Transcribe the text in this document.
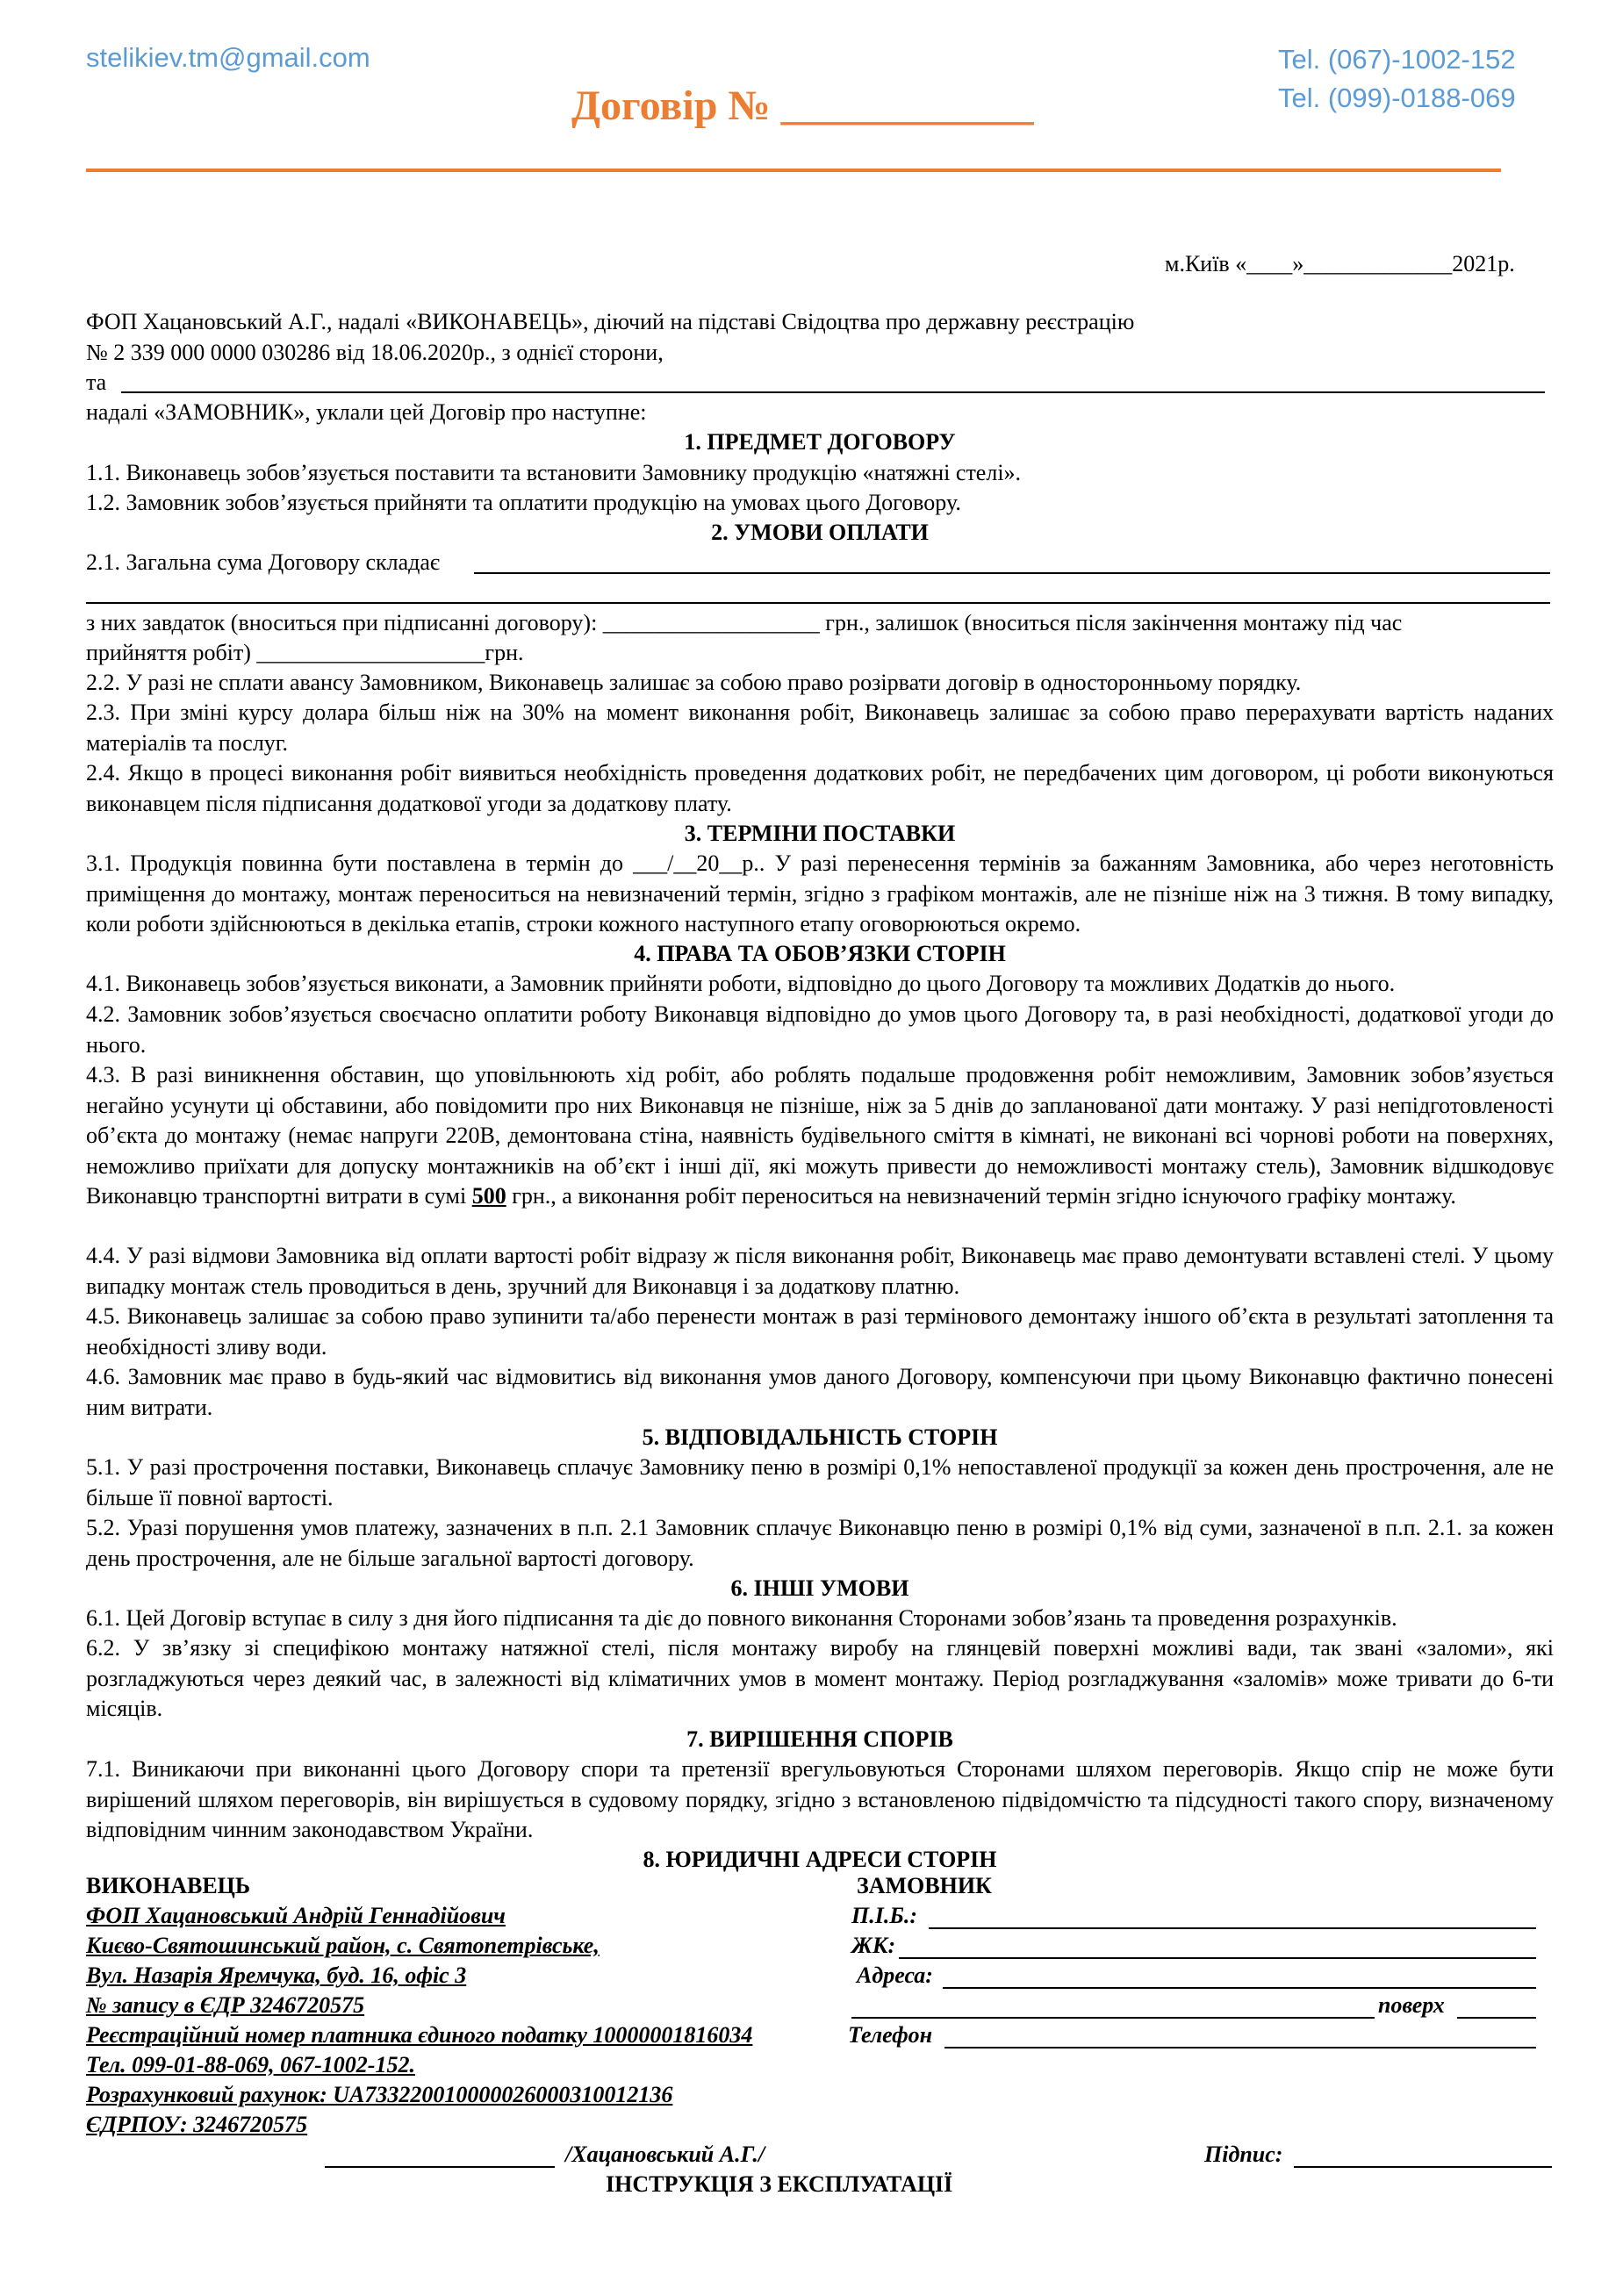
stelikiev.tm@gmail.com
Договір № ____________
Tel. (067)-1002-152
Tel. (099)-0188-069
м.Київ «____»_____________2021р.
ФОП Хацановський А.Г., надалі «ВИКОНАВЕЦЬ», діючий на підставі Свідоцтва про державну реєстрацію
№ 2 339 000 0000 030286 від 18.06.2020р., з однієї сторони,
та
надалі «ЗАМОВНИК», уклали цей Договір про наступне:
1. ПРЕДМЕТ ДОГОВОРУ
1.1. Виконавець зобов’язується поставити та встановити Замовнику продукцію «натяжні стелі».
1.2. Замовник зобов’язується прийняти та оплатити продукцію на умовах цього Договору.
2. УМОВИ ОПЛАТИ
2.1. Загальна сума Договору складає
з них завдаток (вноситься при підписанні договору): ___________________ грн., залишок (вноситься після закінчення монтажу під час
прийняття робіт) ____________________грн.

2.2. У разі не сплати авансу Замовником, Виконавець залишає за собою право розірвати договір в односторонньому порядку.

2.3. При зміні курсу долара більш ніж на 30% на момент виконання робіт, Виконавець залишає за собою право перерахувати вартість наданих матеріалів та послуг.

2.4. Якщо в процесі виконання робіт виявиться необхідність проведення додаткових робіт, не передбачених цим договором, ці роботи виконуються виконавцем після підписання додаткової угоди за додаткову плату.

3. ТЕРМІНИ ПОСТАВКИ

3.1. Продукція повинна бути поставлена в термін до ___/__20__р.. У разі перенесення термінів за бажанням Замовника, або через неготовність приміщення до монтажу, монтаж переноситься на невизначений термін, згідно з графіком монтажів, але не пізніше ніж на 3 тижня. В тому випадку, коли роботи здійснюються в декілька етапів, строки кожного наступного етапу оговорюються окремо.

4. ПРАВА ТА ОБОВ’ЯЗКИ СТОРІН

4.1. Виконавець зобов’язується виконати, а Замовник прийняти роботи, відповідно до цього Договору та можливих Додатків до нього.

4.2. Замовник зобов’язується своєчасно оплатити роботу Виконавця відповідно до умов цього Договору та, в разі необхідності, додаткової угоди до нього.

4.3. В разі виникнення обставин, що уповільнюють хід робіт, або роблять подальше продовження робіт неможливим, Замовник зобов’язується негайно усунути ці обставини, або повідомити про них Виконавця не пізніше, ніж за 5 днів до запланованої дати монтажу. У разі непідготовленості об’єкта до монтажу (немає напруги 220В, демонтована стіна, наявність будівельного сміття в кімнаті, не виконані всі чорнові роботи на поверхнях, неможливо приїхати для допуску монтажників на об’єкт і інші дії, які можуть привести до неможливості монтажу стель), Замовник відшкодовує Виконавцю транспортні витрати в сумі 500 грн., а виконання робіт переноситься на невизначений термін згідно існуючого графіку монтажу.

4.4. У разі відмови Замовника від оплати вартості робіт відразу ж після виконання робіт, Виконавець має право демонтувати вставлені стелі. У цьому випадку монтаж стель проводиться в день, зручний для Виконавця і за додаткову платню.

4.5. Виконавець залишає за собою право зупинити та/або перенести монтаж в разі термінового демонтажу іншого об’єкта в результаті затоплення та необхідності зливу води.

4.6. Замовник має право в будь-який час відмовитись від виконання умов даного Договору, компенсуючи при цьому Виконавцю фактично понесені ним витрати.

5. ВІДПОВІДАЛЬНІСТЬ СТОРІН

5.1. У разі прострочення поставки, Виконавець сплачує Замовнику пеню в розмірі 0,1% непоставленої продукції за кожен день прострочення, але не більше її повної вартості.

5.2. Уразі порушення умов платежу, зазначених в п.п. 2.1 Замовник сплачує Виконавцю пеню в розмірі 0,1% від суми, зазначеної в п.п. 2.1. за кожен день прострочення, але не більше загальної вартості договору.

6. ІНШІ УМОВИ

6.1. Цей Договір вступає в силу з дня його підписання та діє до повного виконання Сторонами зобов’язань та проведення розрахунків.

6.2. У зв’язку зі специфікою монтажу натяжної стелі, після монтажу виробу на глянцевій поверхні можливі вади, так звані «заломи», які розгладжуються через деякий час, в залежності від кліматичних умов в момент монтажу. Період розгладжування «заломів» може тривати до 6-ти місяців.

7. ВИРІШЕННЯ СПОРІВ

7.1. Виникаючи при виконанні цього Договору спори та претензії врегульовуються Сторонами шляхом переговорів. Якщо спір не може бути вирішений шляхом переговорів, він вирішується в судовому порядку, згідно з встановленою підвідомчістю та підсудності такого спору, визначеному відповідним чинним законодавством України.

8. ЮРИДИЧНІ АДРЕСИ СТОРІН
ВИКОНАВЕЦЬ
ФОП Хацановський Андрій Геннадійович
Києво-Святошинський район, с. Святопетрівське,
Вул. Назарія Яремчука, буд. 16, офіс 3
№ запису в ЄДР 3246720575
Реєстраційний номер платника єдиного податку 10000001816034
Тел. 099-01-88-069, 067-1002-152.
Розрахунковий рахунок: UA733220010000026000310012136
ЄДРПОУ: 3246720575
ЗАМОВНИК
П.І.Б.:
ЖК:
Адреса:
поверх
Телефон
/Хацановський А.Г./	Підпис:
ІНСТРУКЦІЯ З ЕКСПЛУАТАЦІЇ
